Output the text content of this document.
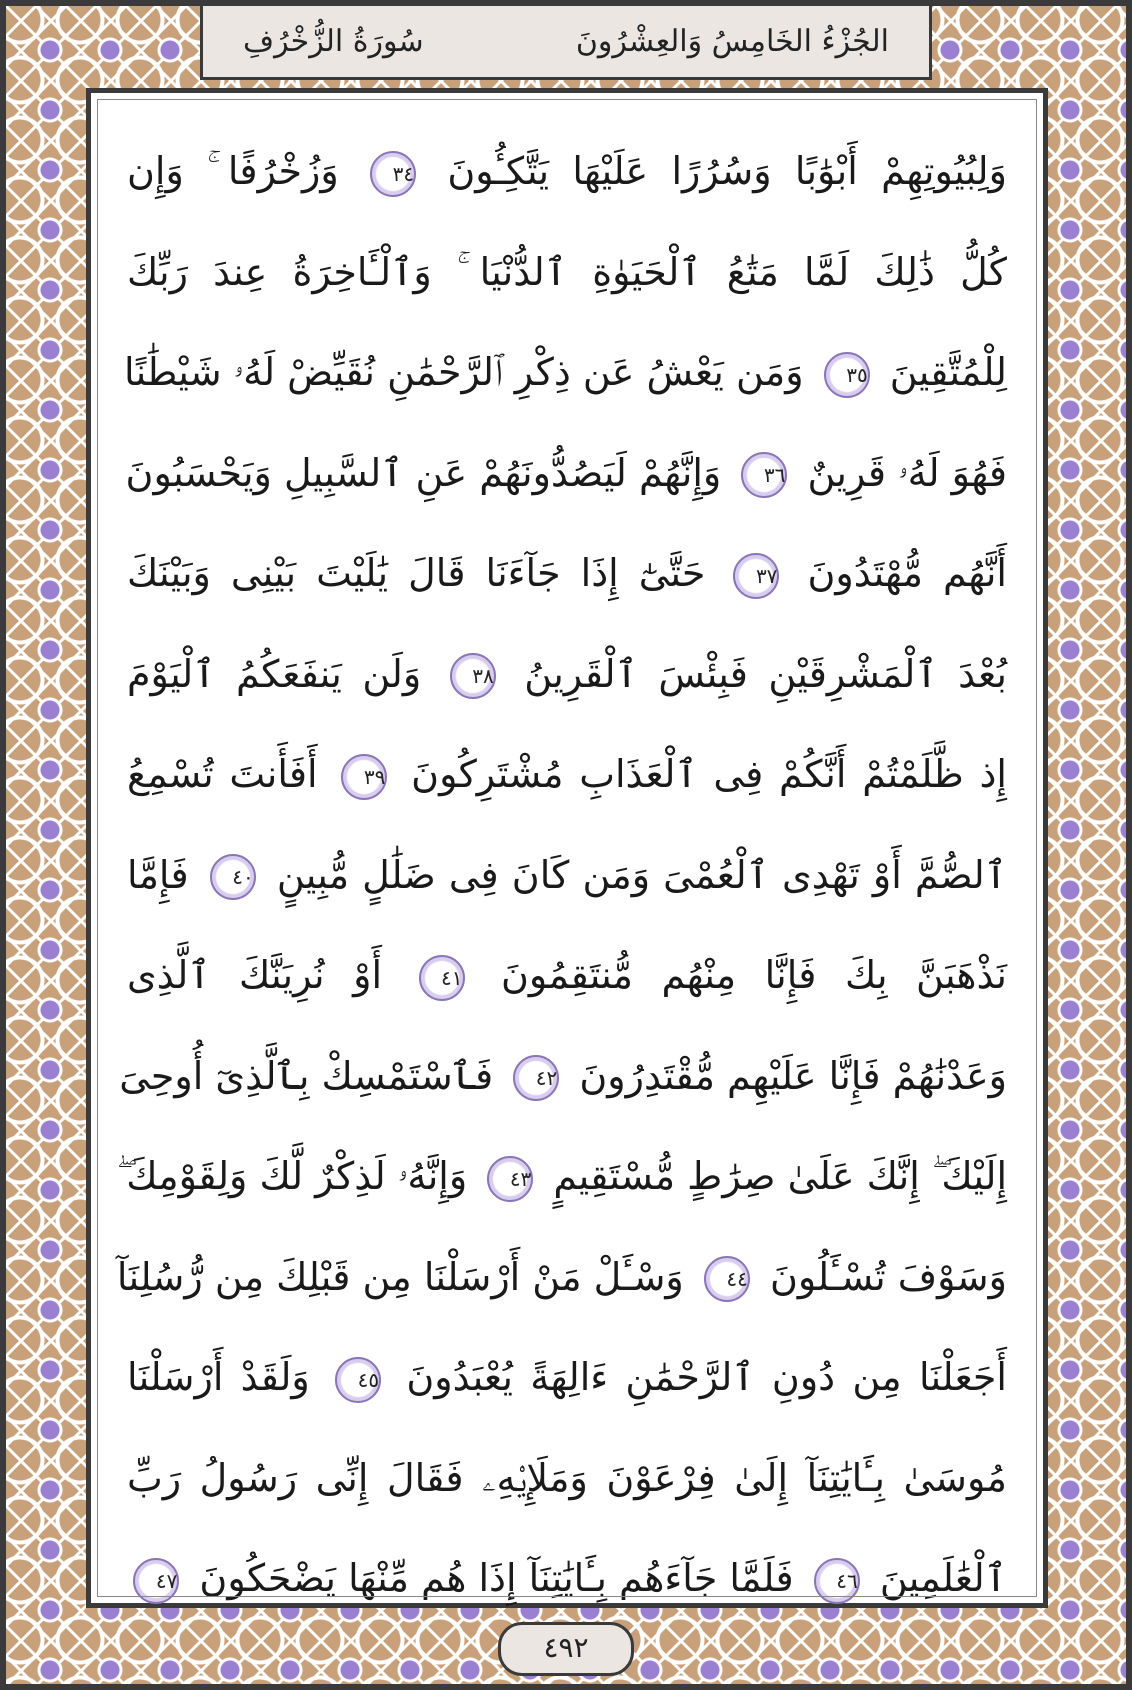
الجُزْءُ الخَامِسُ وَالعِشْرُونَ
سُورَةُ الزُّخْرُفِ
وَلِبُيُوتِهِمْ أَبْوَٰبًا وَسُرُرًا عَلَيْهَا يَتَّكِـُٔونَ ٣٤ وَزُخْرُفًا ۚ وَإِن
كُلُّ ذَٰلِكَ لَمَّا مَتَٰعُ ٱلْحَيَوٰةِ ٱلدُّنْيَا ۚ وَٱلْـَٔاخِرَةُ عِندَ رَبِّكَ
لِلْمُتَّقِينَ ٣٥ وَمَن يَعْشُ عَن ذِكْرِ ٱلرَّحْمَٰنِ نُقَيِّضْ لَهُۥ شَيْطَٰنًا
فَهُوَ لَهُۥ قَرِينٌ ٣٦ وَإِنَّهُمْ لَيَصُدُّونَهُمْ عَنِ ٱلسَّبِيلِ وَيَحْسَبُونَ
أَنَّهُم مُّهْتَدُونَ ٣٧ حَتَّىٰٓ إِذَا جَآءَنَا قَالَ يَٰلَيْتَ بَيْنِى وَبَيْنَكَ
بُعْدَ ٱلْمَشْرِقَيْنِ فَبِئْسَ ٱلْقَرِينُ ٣٨ وَلَن يَنفَعَكُمُ ٱلْيَوْمَ
إِذ ظَّلَمْتُمْ أَنَّكُمْ فِى ٱلْعَذَابِ مُشْتَرِكُونَ ٣٩ أَفَأَنتَ تُسْمِعُ
ٱلصُّمَّ أَوْ تَهْدِى ٱلْعُمْىَ وَمَن كَانَ فِى ضَلَٰلٍ مُّبِينٍ ٤٠ فَإِمَّا
نَذْهَبَنَّ بِكَ فَإِنَّا مِنْهُم مُّنتَقِمُونَ ٤١ أَوْ نُرِيَنَّكَ ٱلَّذِى
وَعَدْنَٰهُمْ فَإِنَّا عَلَيْهِم مُّقْتَدِرُونَ ٤٢ فَٱسْتَمْسِكْ بِٱلَّذِىٓ أُوحِىَ
إِلَيْكَ ۖ إِنَّكَ عَلَىٰ صِرَٰطٍ مُّسْتَقِيمٍ ٤٣ وَإِنَّهُۥ لَذِكْرٌ لَّكَ وَلِقَوْمِكَ ۖ
وَسَوْفَ تُسْـَٔلُونَ ٤٤ وَسْـَٔلْ مَنْ أَرْسَلْنَا مِن قَبْلِكَ مِن رُّسُلِنَآ
أَجَعَلْنَا مِن دُونِ ٱلرَّحْمَٰنِ ءَالِهَةً يُعْبَدُونَ ٤٥ وَلَقَدْ أَرْسَلْنَا
مُوسَىٰ بِـَٔايَٰتِنَآ إِلَىٰ فِرْعَوْنَ وَمَلَإِي۟هِۦ فَقَالَ إِنِّى رَسُولُ رَبِّ
ٱلْعَٰلَمِينَ ٤٦ فَلَمَّا جَآءَهُم بِـَٔايَٰتِنَآ إِذَا هُم مِّنْهَا يَضْحَكُونَ ٤٧
٤٩٢
